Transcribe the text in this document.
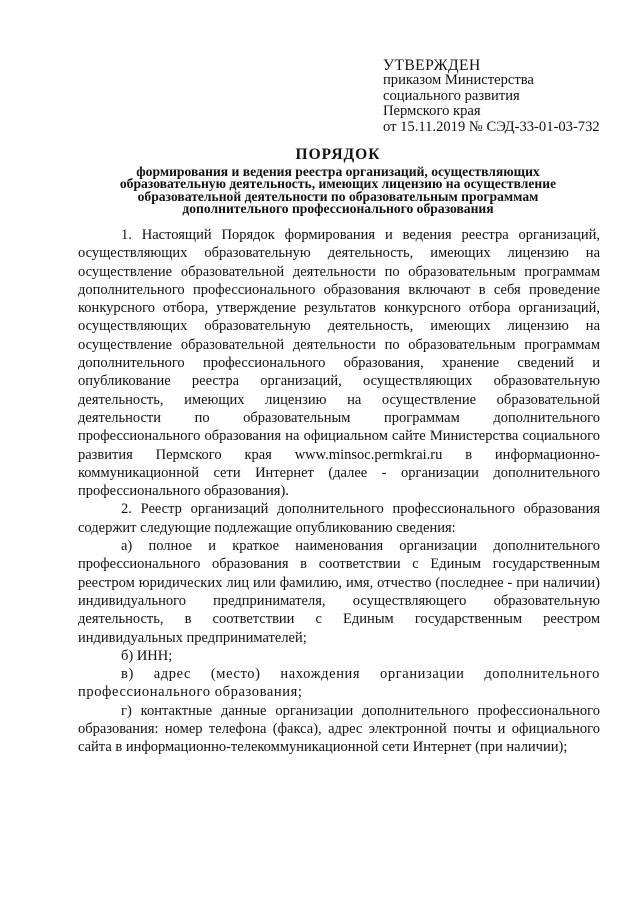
УТВЕРЖДЕН
приказом Министерства
социального развития
Пермского края
от 15.11.2019 № СЭД-33-01-03-732
ПОРЯДОК
формирования и ведения реестра организаций, осуществляющих
образовательную деятельность, имеющих лицензию на осуществление
образовательной деятельности по образовательным программам
дополнительного профессионального образования

1. Настоящий Порядок формирования и ведения реестра организаций, осуществляющих образовательную деятельность, имеющих лицензию на осуществление образовательной деятельности по образовательным программам дополнительного профессионального образования включают в себя проведение конкурсного отбора, утверждение результатов конкурсного отбора организаций, осуществляющих образовательную деятельность, имеющих лицензию на осуществление образовательной деятельности по образовательным программам дополнительного профессионального образования, хранение сведений и опубликование реестра организаций, осуществляющих образовательную деятельность, имеющих лицензию на осуществление образовательной деятельности по образовательным программам дополнительного профессионального образования на официальном сайте Министерства социального развития Пермского края www.minsoc.permkrai.ru в информационно-коммуникационной сети Интернет (далее - организации дополнительного профессионального образования).

2. Реестр организаций дополнительного профессионального образования содержит следующие подлежащие опубликованию сведения:

а) полное и краткое наименования организации дополнительного профессионального образования в соответствии с Единым государственным реестром юридических лиц или фамилию, имя, отчество (последнее - при наличии) индивидуального предпринимателя, осуществляющего образовательную деятельность, в соответствии с Единым государственным реестром индивидуальных предпринимателей;

б) ИНН;

в) адрес (место) нахождения организации дополнительного профессионального образования;

г) контактные данные организации дополнительного профессионального образования: номер телефона (факса), адрес электронной почты и официального сайта в информационно-телекоммуникационной сети Интернет (при наличии);
